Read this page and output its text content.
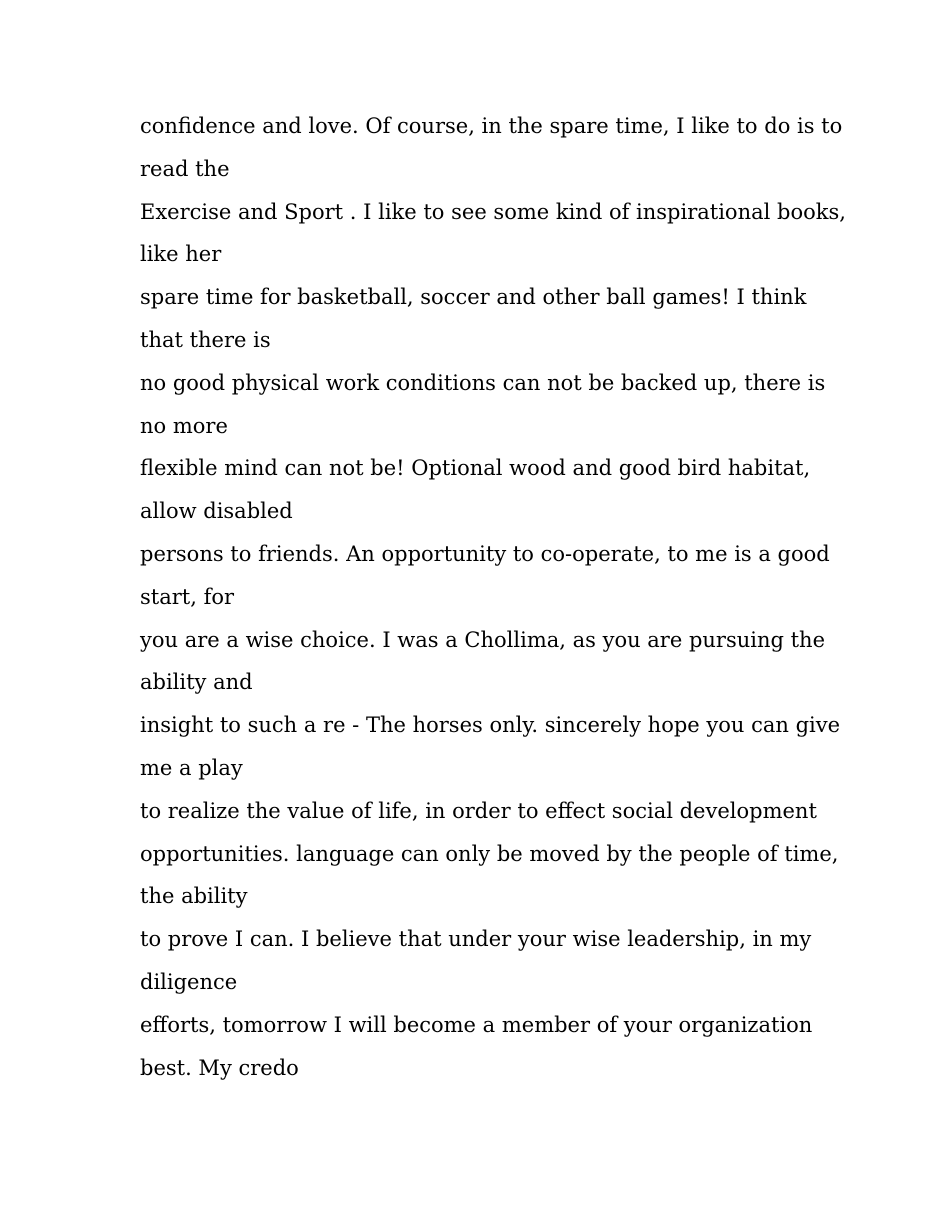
confidence and love. Of course, in the spare time, I like to do is to
read the
Exercise and Sport . I like to see some kind of inspirational books,
like her
spare time for basketball, soccer and other ball games! I think
that there is
no good physical work conditions can not be backed up, there is
no more
flexible mind can not be! Optional wood and good bird habitat,
allow disabled
persons to friends. An opportunity to co-operate, to me is a good
start, for
you are a wise choice. I was a Chollima, as you are pursuing the
ability and
insight to such a re - The horses only. sincerely hope you can give
me a play
to realize the value of life, in order to effect social development
opportunities. language can only be moved by the people of time,
the ability
to prove I can. I believe that under your wise leadership, in my
diligence
efforts, tomorrow I will become a member of your organization
best. My credo
